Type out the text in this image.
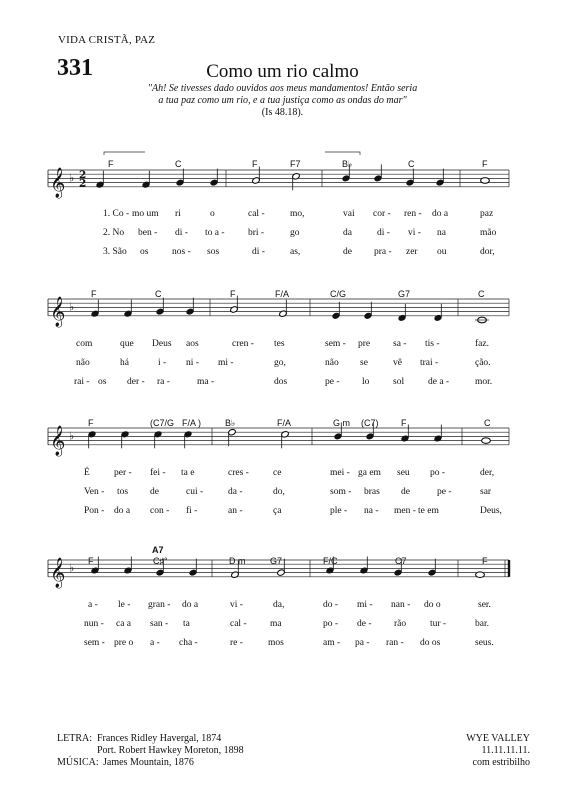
VIDA CRISTÃ, PAZ
331	Como um rio calmo
"Ah! Se tivesses dado ouvidos aos meus mandamentos! Então seria
a tua paz como um rio, e a tua justiça como as ondas do mar"
(Is 48.18).
𝄞 ♭ 2
2
𝄞 ♭
𝄞 ♭
𝄞 ♭
F	C	F	F7	B♭	C	F
1. Co - mo um ri	o	cal -	mo,	vai cor - ren - do a	paz
2. No ben - di - to a - bri -	go	da	di - vi - na	mão
3. São os nos - sos	di -	as,	de pra - zer ou	dor,
F	C	F	F/A	C/G	G7	C
com	que Deus aos	cren - tes	sem - pre sa - tis -	faz.
não	há	i - ni - mi -	go,	não se	vê trai -	ção.
rai - os der - ra -	ma -	dos	pe - lo sol	de a -	mor.
F	(C7/G F/A )	B♭	F/A	G m (C7)	F	C
É	per - fei - ta e	cres -	ce	mei - ga em seu po -	der,
Ven - tos de	cui -	da -	do,	som - bras de	pe -	sar
Pon - do a con - fi -	an -	ça	ple - na - men - te em	Deus,
F	C♯°	D m	G7	F/C	C7	F
A7
a - le - gran - do a	vi -	da,	do - mi - nan - do o	ser.
nun - ca a san - ta	cal - ma	po - de - rão	tur -	bar.
sem - pre o a - cha -	re -	mos	am - pa - ran - do os	seus.
LETRA: Frances Ridley Havergal, 1874
Port. Robert Hawkey Moreton, 1898
MÚSICA: James Mountain, 1876
WYE VALLEY
11.11.11.11.
com estribilho
